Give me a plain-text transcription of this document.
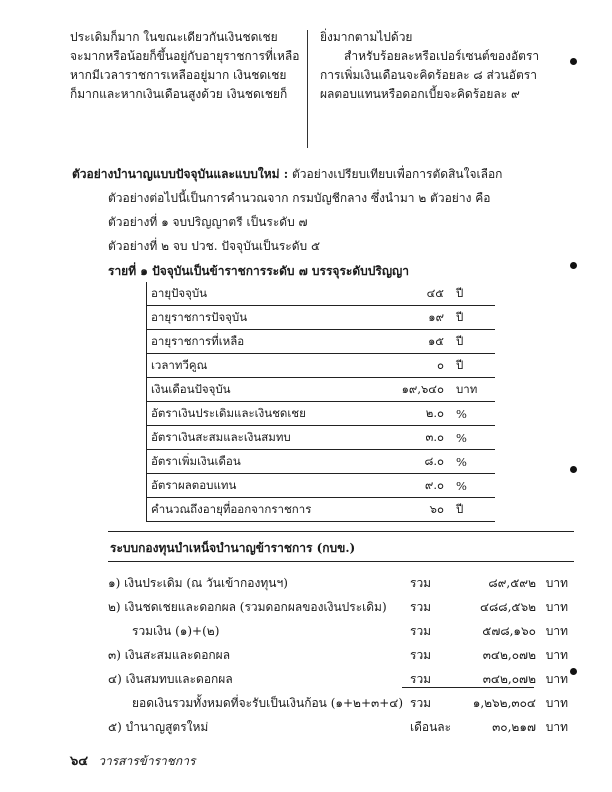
ประเดิมก็มาก ในขณะเดียวกันเงินชดเชย
จะมากหรือน้อยก็ขึ้นอยู่กับอายุราชการที่เหลือ
หากมีเวลาราชการเหลืออยู่มาก เงินชดเชย
ก็มากและหากเงินเดือนสูงด้วย เงินชดเชยก็
ยิ่งมากตามไปด้วย
สำหรับร้อยละหรือเปอร์เซนต์ของอัตรา
การเพิ่มเงินเดือนจะคิดร้อยละ ๘ ส่วนอัตรา
ผลตอบแทนหรือดอกเบี้ยจะคิดร้อยละ ๙
ตัวอย่างบำนาญแบบปัจจุบันและแบบใหม่ : ตัวอย่างเปรียบเทียบเพื่อการตัดสินใจเลือก
ตัวอย่างต่อไปนี้เป็นการคำนวณจาก กรมบัญชีกลาง ซึ่งนำมา ๒ ตัวอย่าง คือ
ตัวอย่างที่ ๑ จบปริญญาตรี เป็นระดับ ๗
ตัวอย่างที่ ๒ จบ ปวช. ปัจจุบันเป็นระดับ ๕
รายที่ ๑ ปัจจุบันเป็นข้าราชการระดับ ๗ บรรจุระดับปริญญา
อายุปัจจุบัน	๔๕	ปี
อายุราชการปัจจุบัน	๑๙	ปี
อายุราชการที่เหลือ	๑๕	ปี
เวลาทวีคูณ	๐	ปี
เงินเดือนปัจจุบัน	๑๙,๖๔๐	บาท
อัตราเงินประเดิมและเงินชดเชย	๒.๐	%
อัตราเงินสะสมและเงินสมทบ	๓.๐	%
อัตราเพิ่มเงินเดือน	๘.๐	%
อัตราผลตอบแทน	๙.๐	%
คำนวณถึงอายุที่ออกจากราชการ	๖๐	ปี
ระบบกองทุนบำเหน็จบำนาญข้าราชการ (กบข.)
๑) เงินประเดิม (ณ วันเข้ากองทุนฯ)	รวม	๘๙,๕๙๒ บาท
๒) เงินชดเชยและดอกผล (รวมดอกผลของเงินประเดิม) รวม	๔๘๘,๕๖๒ บาท
รวมเงิน (๑)+(๒)	รวม	๕๗๘,๑๖๐ บาท
๓) เงินสะสมและดอกผล	รวม	๓๔๒,๐๗๒ บาท
๔) เงินสมทบและดอกผล	รวม	๓๔๒,๐๗๒ บาท
ยอดเงินรวมทั้งหมดที่จะรับเป็นเงินก้อน (๑+๒+๓+๔) รวม	๑,๒๖๒,๓๐๔ บาท
๕) บำนาญสูตรใหม่	เดือนละ	๓๐,๒๑๗ บาท
๖๔ วารสารข้าราชการ
